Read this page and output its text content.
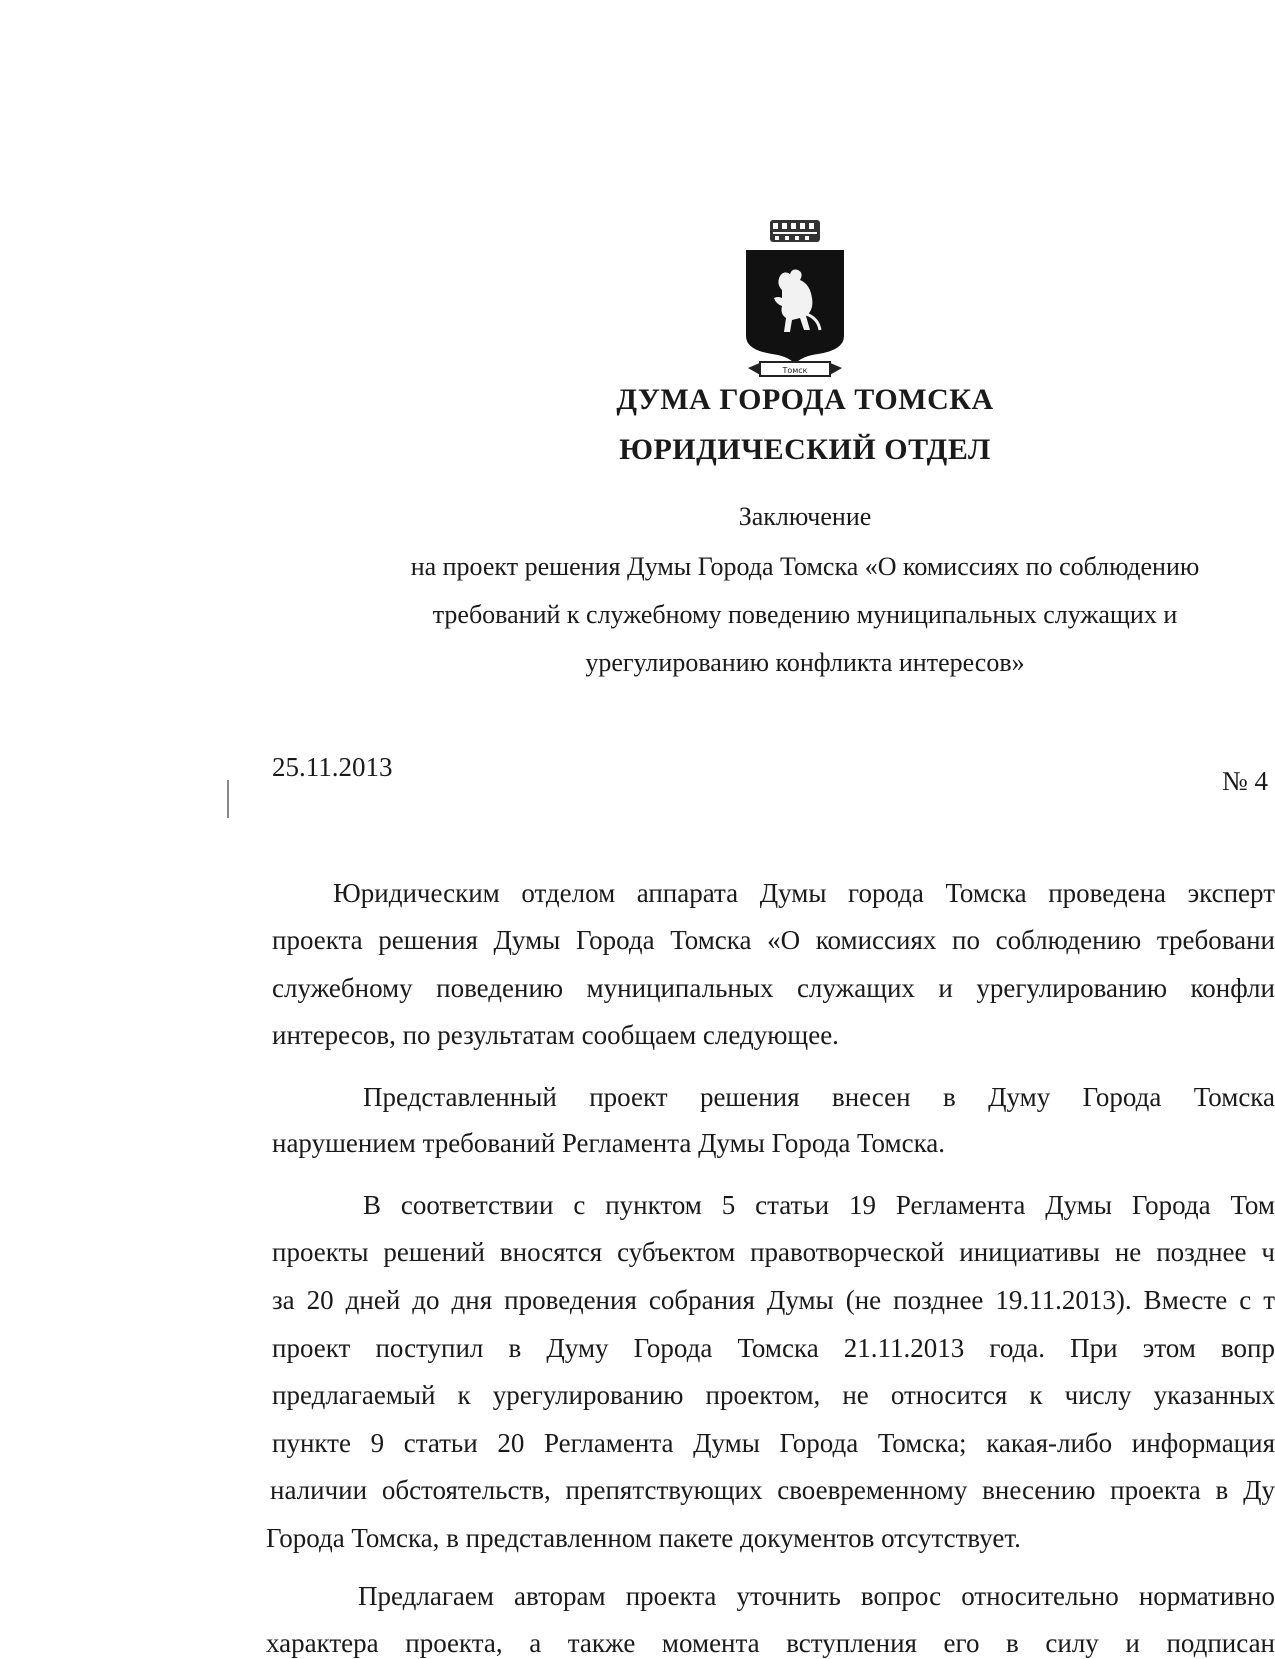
Томск
ДУМА ГОРОДА ТОМСКА
ЮРИДИЧЕСКИЙ ОТДЕЛ
Заключение
на проект решения Думы Города Томска «О комиссиях по соблюдению
требований к служебному поведению муниципальных служащих и
урегулированию конфликта интересов»
25.11.2013	№ 4
Юридическим отделом аппарата Думы города Томска проведена эксперт
проекта решения Думы Города Томска «О комиссиях по соблюдению требовани
служебному поведению муниципальных служащих и урегулированию конфли
интересов, по результатам сообщаем следующее.
Представленный проект решения внесен в Думу Города Томска
нарушением требований Регламента Думы Города Томска.
В соответствии с пунктом 5 статьи 19 Регламента Думы Города Том
проекты решений вносятся субъектом правотворческой инициативы не позднее ч
за 20 дней до дня проведения собрания Думы (не позднее 19.11.2013). Вместе с т
проект поступил в Думу Города Томска 21.11.2013 года. При этом вопр
предлагаемый к урегулированию проектом, не относится к числу указанных
пункте 9 статьи 20 Регламента Думы Города Томска; какая-либо информация
наличии обстоятельств, препятствующих своевременному внесению проекта в Ду
Города Томска, в представленном пакете документов отсутствует.
Предлагаем авторам проекта уточнить вопрос относительно нормативно
характера проекта, а также момента вступления его в силу и подписан
